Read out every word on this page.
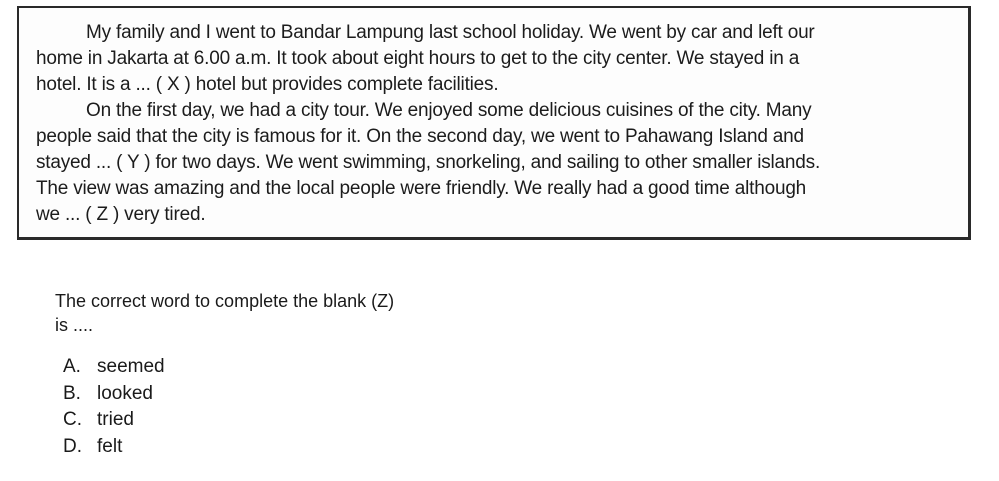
My family and I went to Bandar Lampung last school holiday. We went by car and left our
home in Jakarta at 6.00 a.m. It took about eight hours to get to the city center. We stayed in a
hotel. It is a ... ( X ) hotel but provides complete facilities.

On the first day, we had a city tour. We enjoyed some delicious cuisines of the city. Many
people said that the city is famous for it. On the second day, we went to Pahawang Island and
stayed ... ( Y ) for two days. We went swimming, snorkeling, and sailing to other smaller islands.
The view was amazing and the local people were friendly. We really had a good time although
we ... ( Z ) very tired.

The correct word to complete the blank (Z)
is ....
A. seemed
B. looked
C. tried
D. felt
